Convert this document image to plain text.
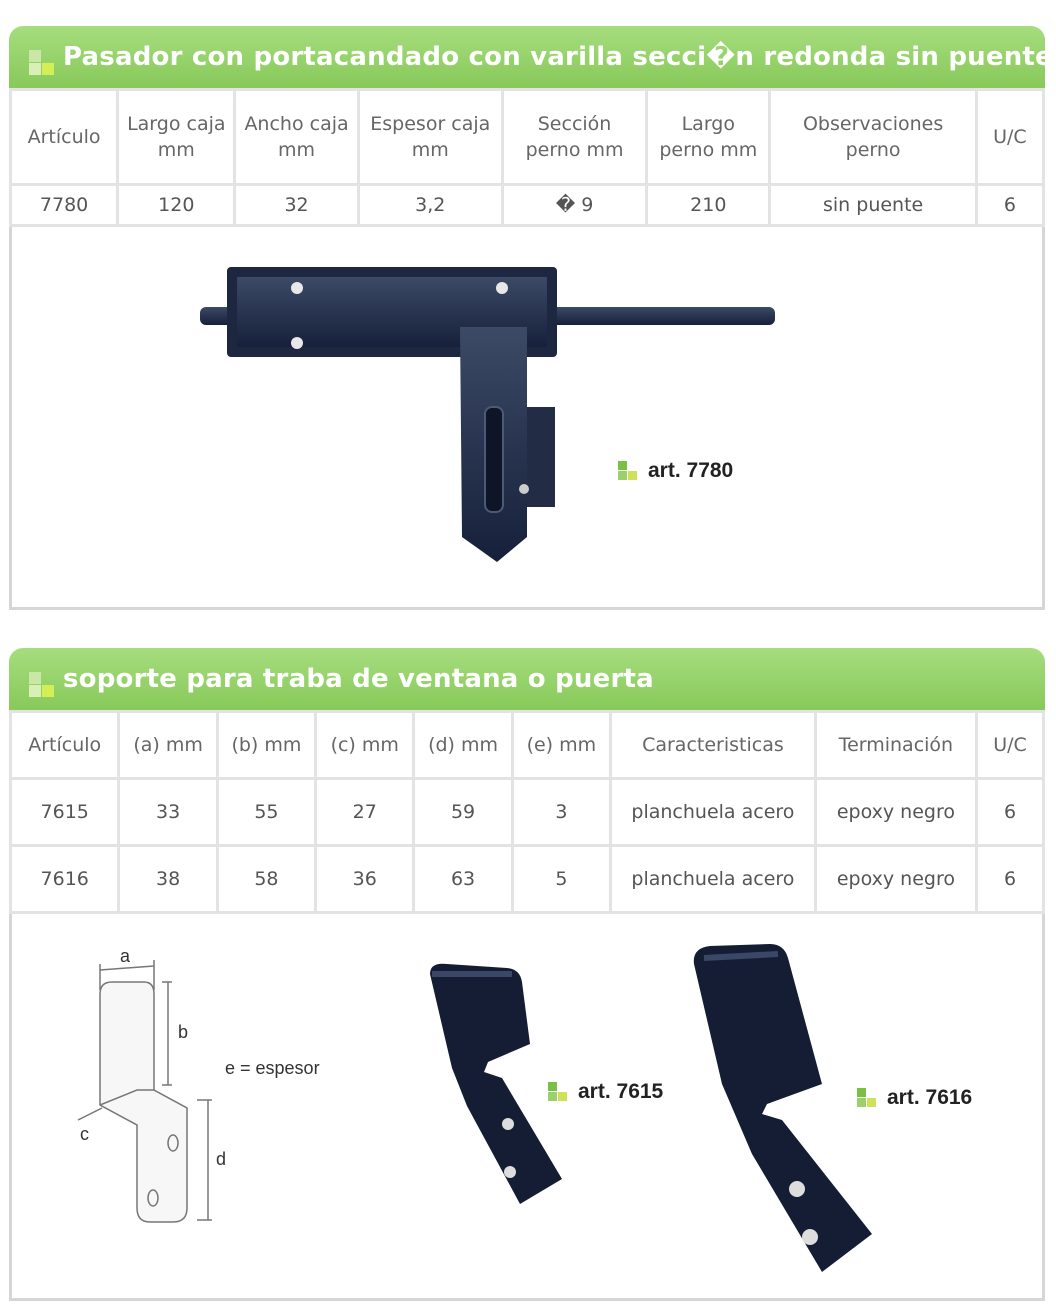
Pasador con portacandado con varilla secci�n redonda sin puente
Artículo	Largo caja mm	Ancho caja mm	Espesor caja mm	Sección perno mm	Largo perno mm	Observaciones perno	U/C
7780	120	32	3,2	� 9	210	sin puente	6
art. 7780
soporte para traba de ventana o puerta
Artículo	(a) mm	(b) mm	(c) mm	(d) mm	(e) mm	Caracteristicas	Terminación	U/C
7615	33	55	27	59	3	planchuela acero	epoxy negro	6
7616	38	58	36	63	5	planchuela acero	epoxy negro	6
a
b
c
d
e = espesor
art. 7615	art. 7616
